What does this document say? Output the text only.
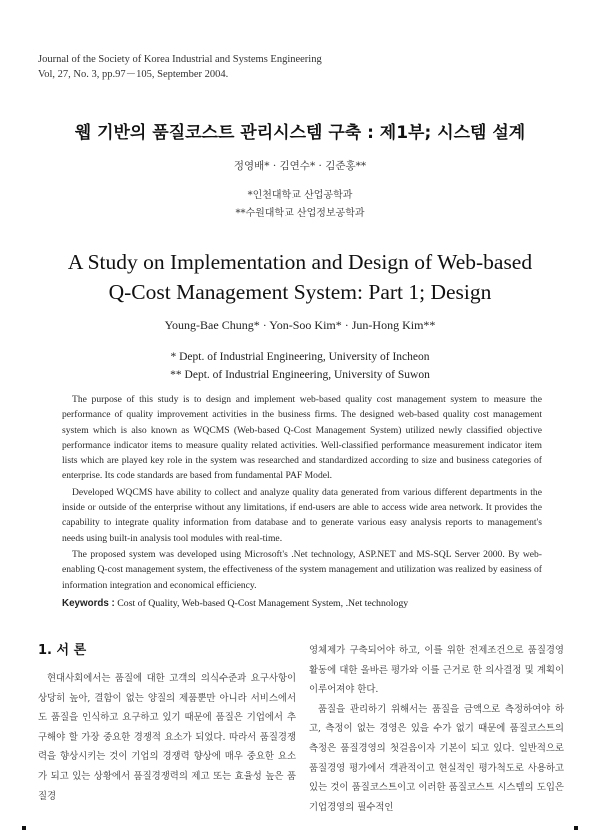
Journal of the Society of Korea Industrial and Systems Engineering
Vol, 27, No. 3, pp.97－105, September 2004.
웹 기반의 품질코스트 관리시스템 구축 : 제1부; 시스템 설계
정영배* · 김연수* · 김준홍**
*인천대학교 산업공학과
**수원대학교 산업정보공학과
A Study on Implementation and Design of Web-based
Q-Cost Management System: Part 1; Design
Young-Bae Chung* · Yon-Soo Kim* · Jun-Hong Kim**
* Dept. of Industrial Engineering, University of Incheon
** Dept. of Industrial Engineering, University of Suwon

The purpose of this study is to design and implement web-based quality cost management system to measure the performance of quality improvement activities in the business firms. The designed web-based quality cost management system which is also known as WQCMS (Web-based Q-Cost Management System) utilized newly classified objective performance indicator items to measure quality related activities. Well-classified performance measurement indicator item lists which are played key role in the system was researched and standardized according to size and business categories of enterprise. Its code standards are based from fundamental PAF Model.

Developed WQCMS have ability to collect and analyze quality data generated from various different departments in the inside or outside of the enterprise without any limitations, if end-users are able to access wide area network. It provides the capability to integrate quality information from database and to generate various easy analysis reports to management's needs using built-in analysis tool modules with real-time.

The proposed system was developed using Microsoft's .Net technology, ASP.NET and MS-SQL Server 2000. By web-enabling Q-cost management system, the effectiveness of the system management and utilization was realized by easiness of information integration and economical efficiency.

Keywords : Cost of Quality, Web-based Q-Cost Management System, .Net technology
1. 서 론

현대사회에서는 품질에 대한 고객의 의식수준과 요구사항이 상당히 높아, 결함이 없는 양질의 제품뿐만 아니라 서비스에서도 품질을 인식하고 요구하고 있기 때문에 품질은 기업에서 추구해야 할 가장 중요한 경쟁적 요소가 되었다. 따라서 품질경쟁력을 향상시키는 것이 기업의 경쟁력 향상에 매우 중요한 요소가 되고 있는 상황에서 품질경쟁력의 제고 또는 효율성 높은 품질경

영체제가 구축되어야 하고, 이를 위한 전제조건으로 품질경영 활동에 대한 올바른 평가와 이를 근거로 한 의사결정 및 계획이 이루어져야 한다.

품질을 관리하기 위해서는 품질을 금액으로 측정하여야 하고, 측정이 없는 경영은 있을 수가 없기 때문에 품질코스트의 측정은 품질경영의 첫걸음이자 기본이 되고 있다. 일반적으로 품질경영 평가에서 객관적이고 현실적인 평가척도로 사용하고 있는 것이 품질코스트이고 이러한 품질코스트 시스템의 도입은 기업경영의 필수적인
